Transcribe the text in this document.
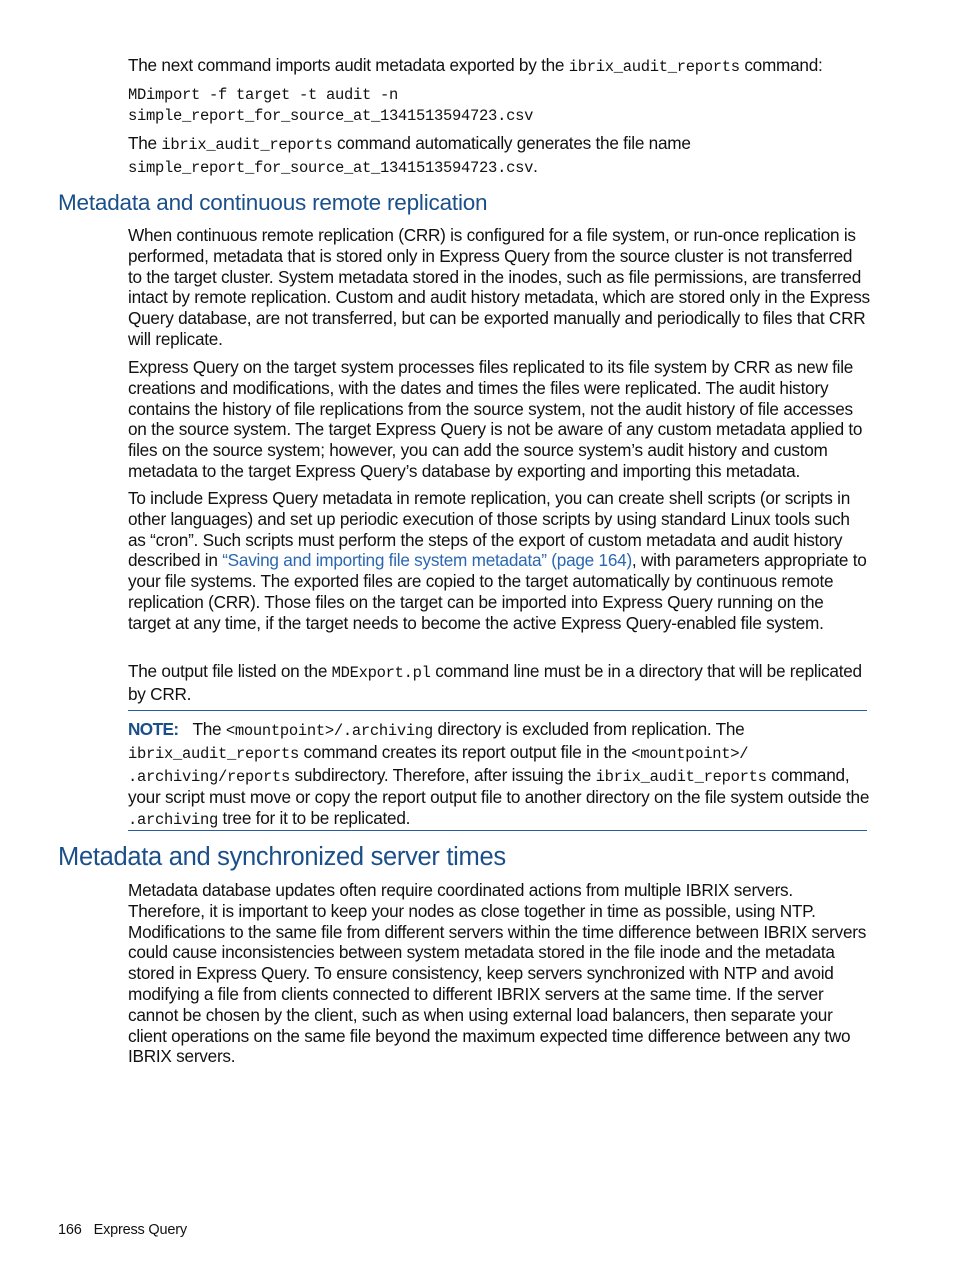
The next command imports audit metadata exported by the ibrix_audit_reports command:

MDimport -f target -t audit -n
simple_report_for_source_at_1341513594723.csv

The ibrix_audit_reports command automatically generates the file name
simple_report_for_source_at_1341513594723.csv.

Metadata and continuous remote replication

When continuous remote replication (CRR) is configured for a file system, or run-once replication is performed, metadata that is stored only in Express Query from the source cluster is not transferred to the target cluster. System metadata stored in the inodes, such as file permissions, are transferred intact by remote replication. Custom and audit history metadata, which are stored only in the Express Query database, are not transferred, but can be exported manually and periodically to files that CRR will replicate.

Express Query on the target system processes files replicated to its file system by CRR as new file creations and modifications, with the dates and times the files were replicated. The audit history contains the history of file replications from the source system, not the audit history of file accesses on the source system. The target Express Query is not be aware of any custom metadata applied to files on the source system; however, you can add the source system’s audit history and custom metadata to the target Express Query’s database by exporting and importing this metadata.

To include Express Query metadata in remote replication, you can create shell scripts (or scripts in other languages) and set up periodic execution of those scripts by using standard Linux tools such as “cron”. Such scripts must perform the steps of the export of custom metadata and audit history described in “Saving and importing file system metadata” (page 164), with parameters appropriate to your file systems. The exported files are copied to the target automatically by continuous remote replication (CRR). Those files on the target can be imported into Express Query running on the target at any time, if the target needs to become the active Express Query-enabled file system.

The output file listed on the MDExport.pl command line must be in a directory that will be replicated by CRR.

NOTE: The <mountpoint>/.archiving directory is excluded from replication. The
ibrix_audit_reports command creates its report output file in the <mountpoint>/
.archiving/reports subdirectory. Therefore, after issuing the ibrix_audit_reports command, your script must move or copy the report output file to another directory on the file system outside the .archiving tree for it to be replicated.

Metadata and synchronized server times

Metadata database updates often require coordinated actions from multiple IBRIX servers. Therefore, it is important to keep your nodes as close together in time as possible, using NTP. Modifications to the same file from different servers within the time difference between IBRIX servers could cause inconsistencies between system metadata stored in the file inode and the metadata stored in Express Query. To ensure consistency, keep servers synchronized with NTP and avoid modifying a file from clients connected to different IBRIX servers at the same time. If the server cannot be chosen by the client, such as when using external load balancers, then separate your client operations on the same file beyond the maximum expected time difference between any two IBRIX servers.

166 Express Query
